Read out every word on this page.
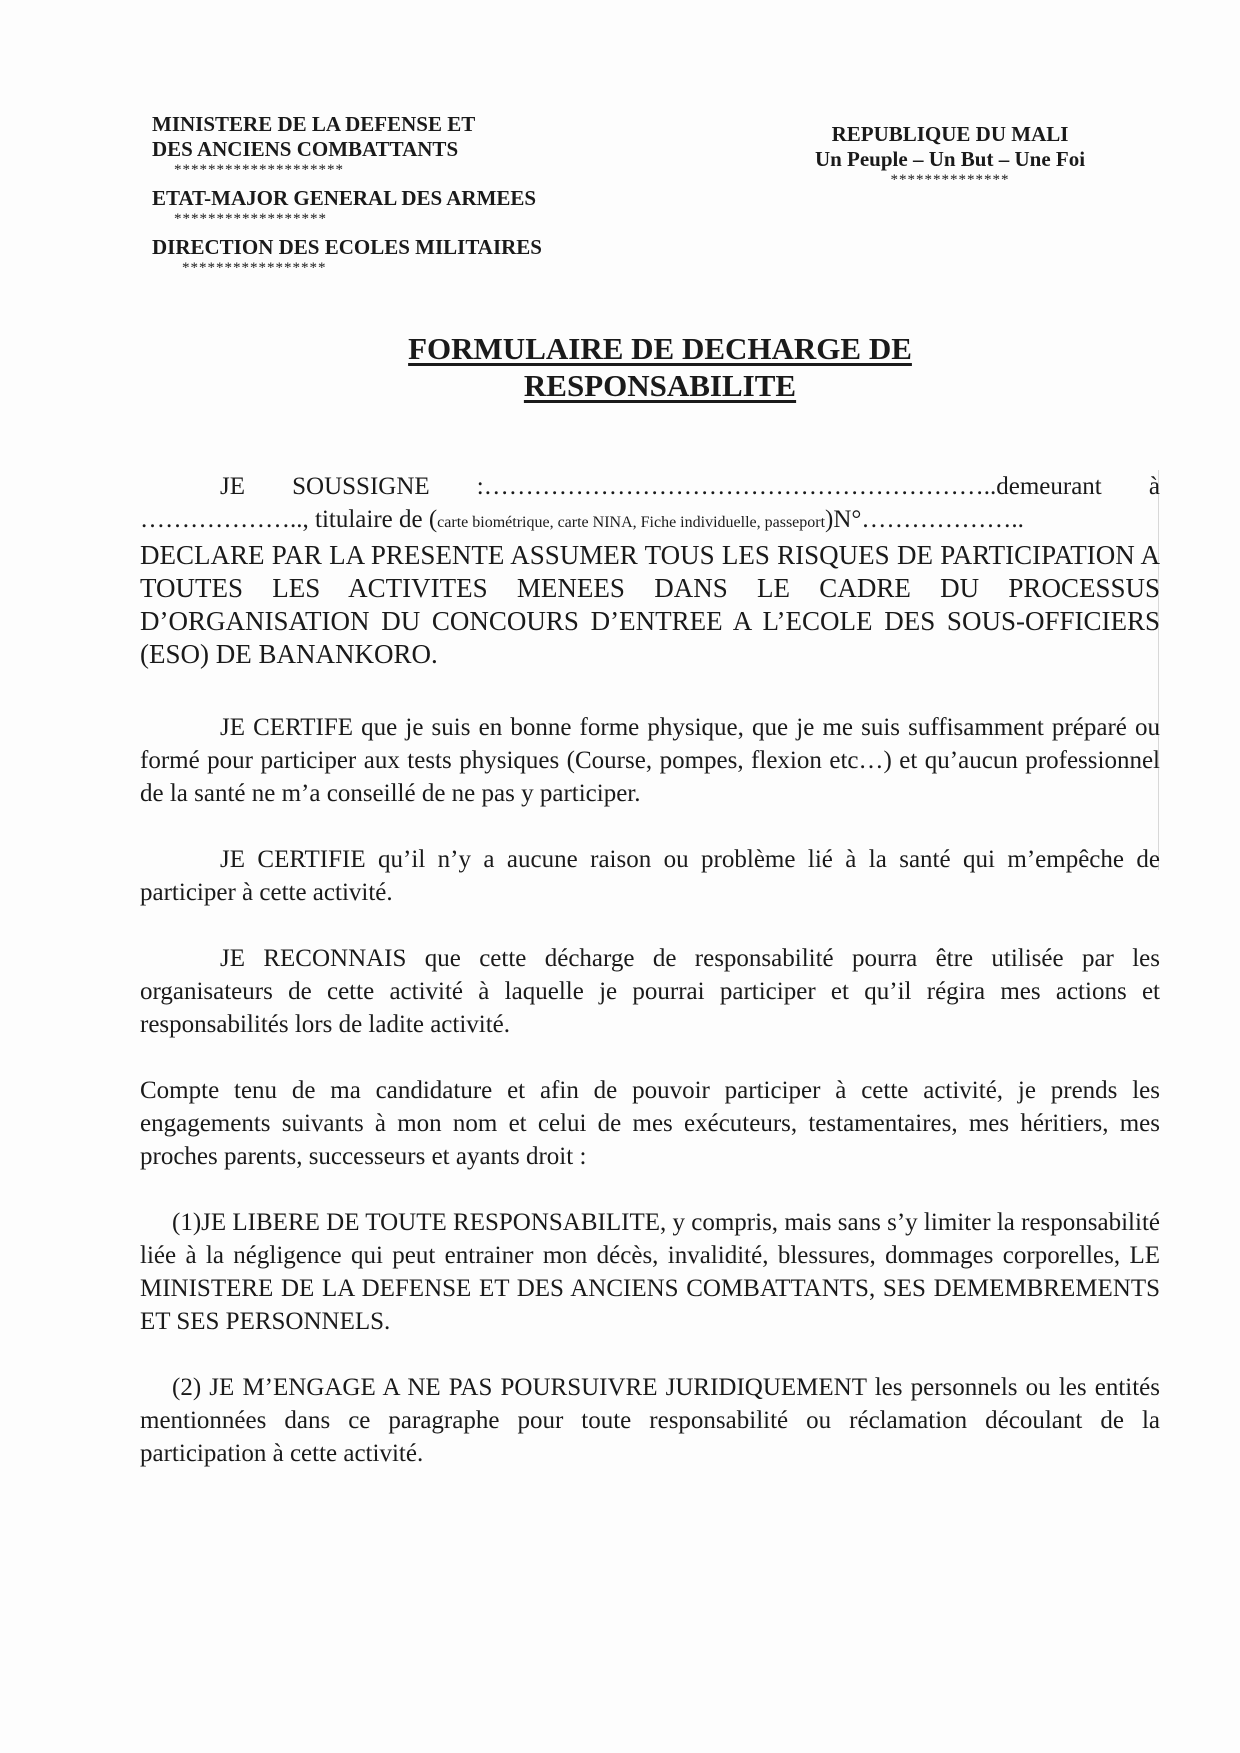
MINISTERE DE LA DEFENSE ET
DES ANCIENS COMBATTANTS
********************
ETAT-MAJOR GENERAL DES ARMEES
******************
DIRECTION DES ECOLES MILITAIRES
*****************
REPUBLIQUE DU MALI
Un Peuple – Un But – Une Foi
**************
FORMULAIRE DE DECHARGE DE
RESPONSABILITE

JE SOUSSIGNE :……………………………………………………..demeurant à

……………….., titulaire de (carte biométrique, carte NINA, Fiche individuelle, passeport)N°………………..

DECLARE PAR LA PRESENTE ASSUMER TOUS LES RISQUES DE PARTICIPATION A TOUTES LES ACTIVITES MENEES DANS LE CADRE DU PROCESSUS D’ORGANISATION DU CONCOURS D’ENTREE A L’ECOLE DES SOUS-OFFICIERS (ESO) DE BANANKORO.

JE CERTIFE que je suis en bonne forme physique, que je me suis suffisamment préparé ou formé pour participer aux tests physiques (Course, pompes, flexion etc…) et qu’aucun professionnel de la santé ne m’a conseillé de ne pas y participer.

JE CERTIFIE qu’il n’y a aucune raison ou problème lié à la santé qui m’empêche de participer à cette activité.

JE RECONNAIS que cette décharge de responsabilité pourra être utilisée par les organisateurs de cette activité à laquelle je pourrai participer et qu’il régira mes actions et responsabilités lors de ladite activité.

Compte tenu de ma candidature et afin de pouvoir participer à cette activité, je prends les engagements suivants à mon nom et celui de mes exécuteurs, testamentaires, mes héritiers, mes proches parents, successeurs et ayants droit :

(1)JE LIBERE DE TOUTE RESPONSABILITE, y compris, mais sans s’y limiter la responsabilité liée à la négligence qui peut entrainer mon décès, invalidité, blessures, dommages corporelles, LE MINISTERE DE LA DEFENSE ET DES ANCIENS COMBATTANTS, SES DEMEMBREMENTS ET SES PERSONNELS.

(2) JE M’ENGAGE A NE PAS POURSUIVRE JURIDIQUEMENT les personnels ou les entités mentionnées dans ce paragraphe pour toute responsabilité ou réclamation découlant de la participation à cette activité.
